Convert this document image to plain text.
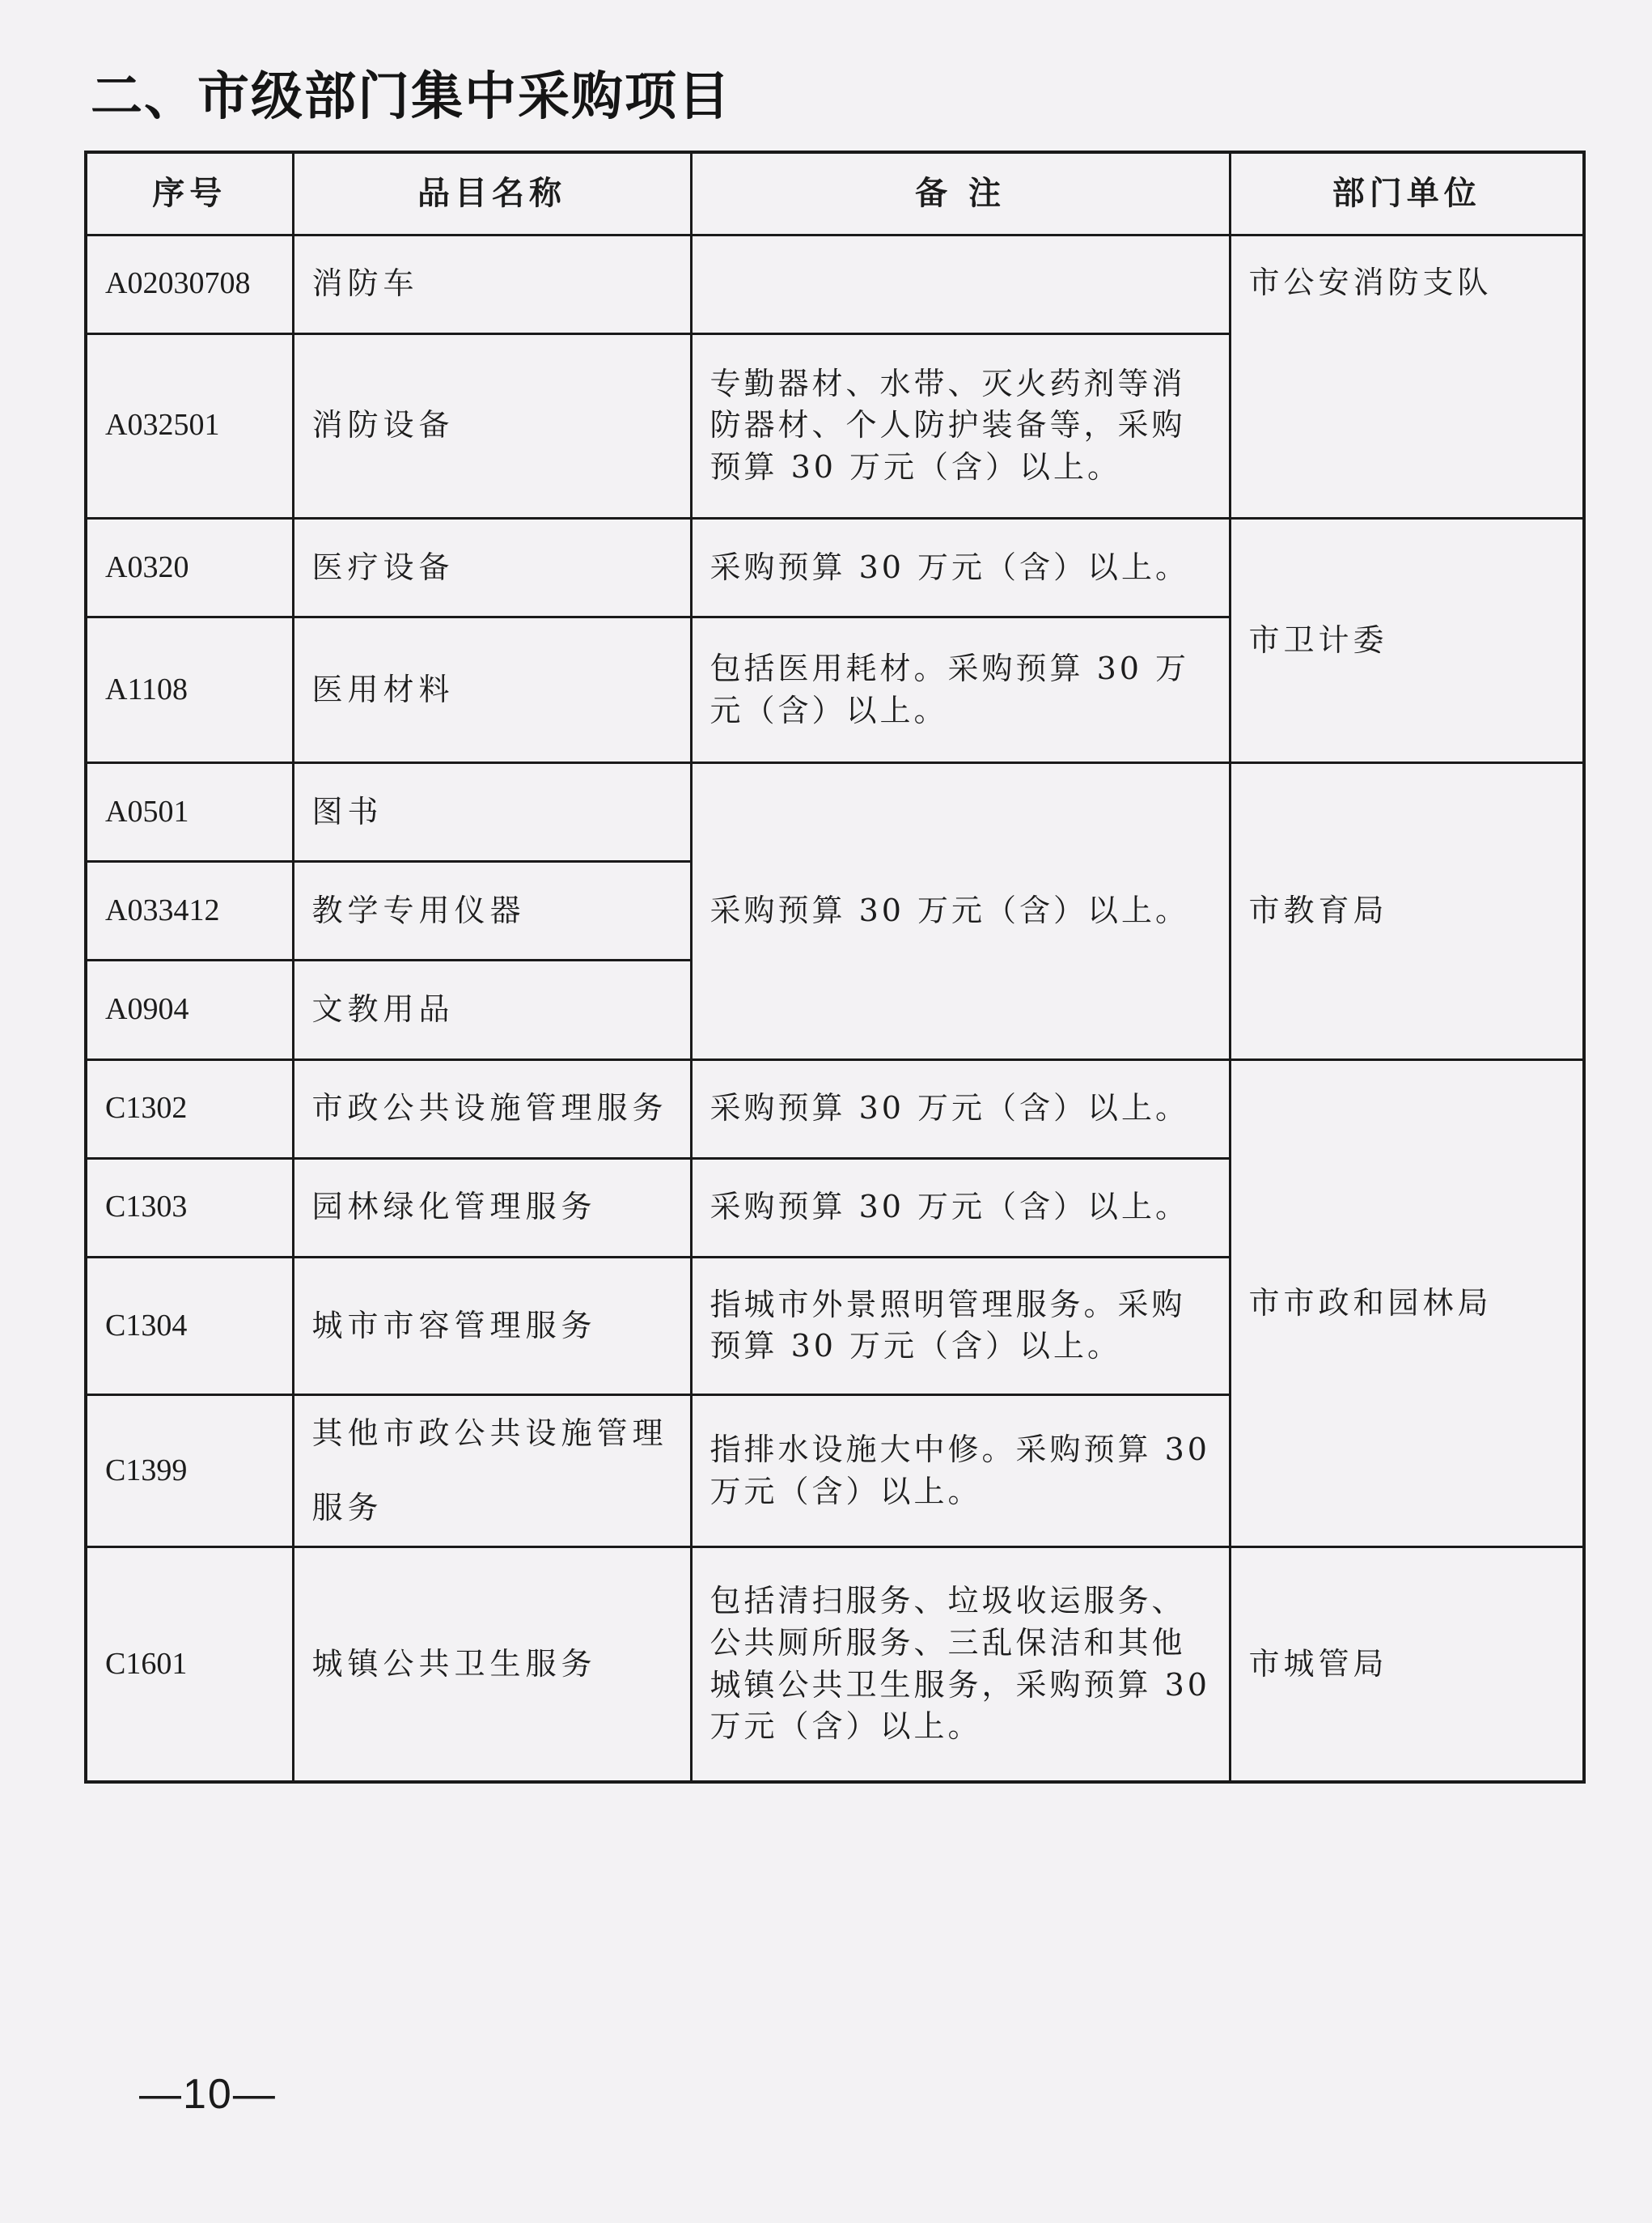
二、市级部门集中采购项目
序号	品目名称	备 注	部门单位
A02030708	消防车		市公安消防支队
A032501	消防设备	专勤器材、水带、灭火药剂等消防器材、个人防护装备等，采购预算 30 万元（含）以上。	
A0320	医疗设备	采购预算 30 万元（含）以上。	市卫计委
A1108	医用材料	包括医用耗材。采购预算 30 万元（含）以上。	
A0501	图书	采购预算 30 万元（含）以上。	市教育局
A033412	教学专用仪器		
A0904	文教用品		
C1302	市政公共设施管理服务	采购预算 30 万元（含）以上。	市市政和园林局
C1303	园林绿化管理服务	采购预算 30 万元（含）以上。	
C1304	城市市容管理服务	指城市外景照明管理服务。采购预算 30 万元（含）以上。	
C1399	其他市政公共设施管理服务	指排水设施大中修。采购预算 30 万元（含）以上。	
C1601	城镇公共卫生服务	包括清扫服务、垃圾收运服务、公共厕所服务、三乱保洁和其他城镇公共卫生服务，采购预算 30 万元（含）以上。	市城管局
—10—
